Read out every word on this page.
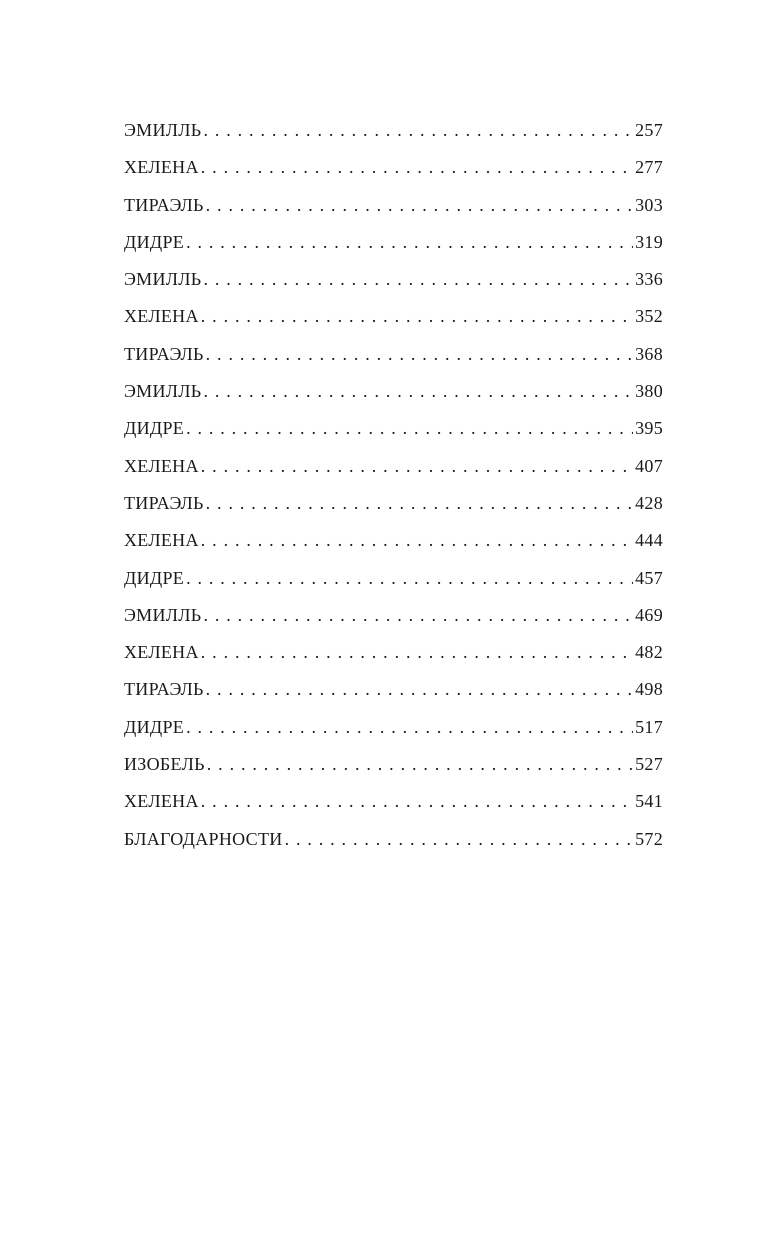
ЭМИЛЛЬ . . .	257
ХЕЛЕНА . . .	277
ТИРАЭЛЬ . . .	303
ДИДРЕ . . .	319
ЭМИЛЛЬ . . .	336
ХЕЛЕНА . . .	352
ТИРАЭЛЬ . . .	368
ЭМИЛЛЬ . . .	380
ДИДРЕ . . .	395
ХЕЛЕНА . . .	407
ТИРАЭЛЬ . . .	428
ХЕЛЕНА . . .	444
ДИДРЕ . . .	457
ЭМИЛЛЬ . . .	469
ХЕЛЕНА . . .	482
ТИРАЭЛЬ . . .	498
ДИДРЕ . . .	517
ИЗОБЕЛЬ . . .	527
ХЕЛЕНА . . .	541
БЛАГОДАРНОСТИ . . .	572
